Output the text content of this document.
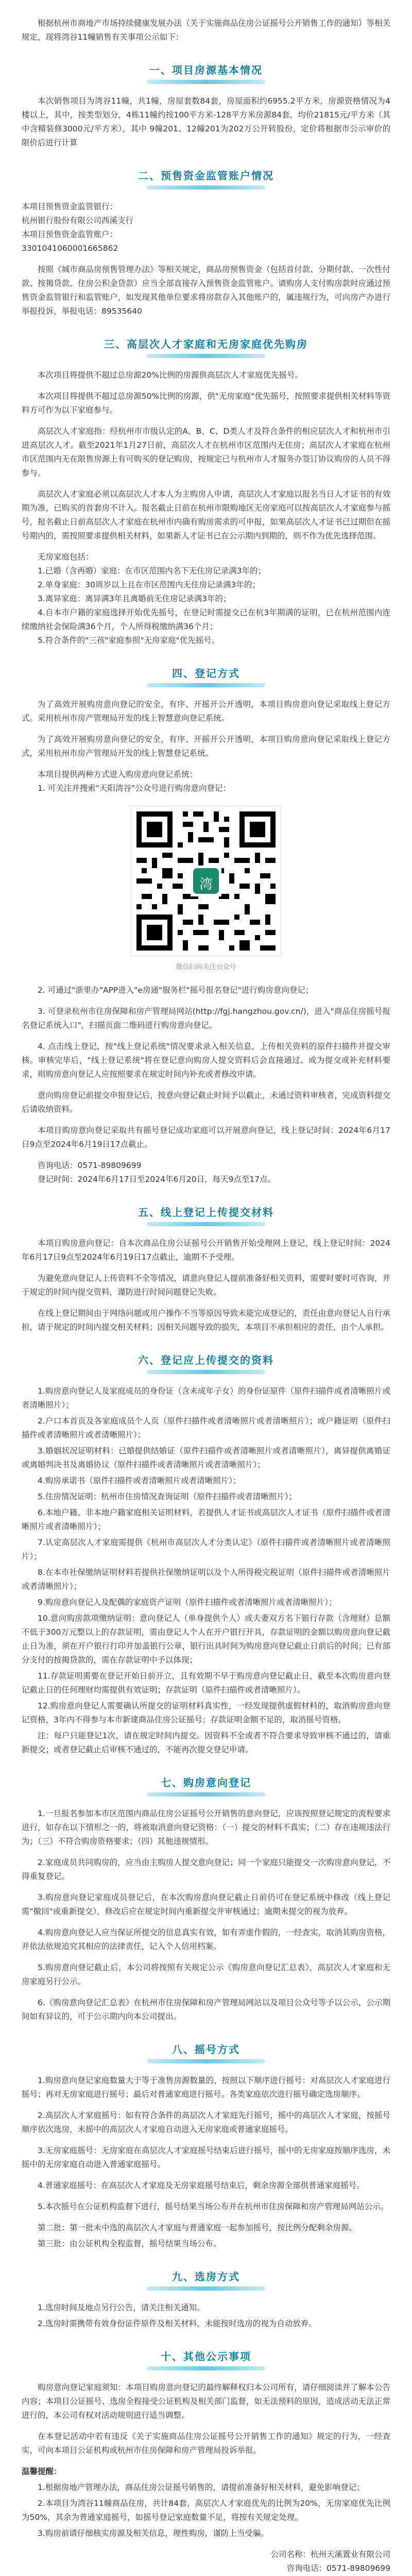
根据杭州市商地产市场持续健康发展办法（关于实施商品住房公证摇号公开销售工作的通知）等相关规定，现将湾谷11幢销售有关事项公示如下：

一、项目房源基本情况

本次销售项目为湾谷11幢，共1幢，房屋套数84套，房屋面积约6955.2平方米，房源资格情况为4楼以上，其中，按类型划分，4栋11幢约按100平方米-128平方米房源84套，均价21815元/平方米（其中含精装修3000元/平方米），其中 9幢201、12幢201为202万公开转股份，定价将根据市公示审价的限价后进行计算

二、预售资金监管账户情况

本项目预售资金监管银行：

杭州银行股份有限公司西溪支行

本项目预售资金监管账户：

3301041060001665862

按照《城市商品房预售管理办法》等相关规定，商品房预售资金（包括首付款、分期付款、一次性付款、按揭贷款、住房公积金贷款）应当全部直接存入预售资金监管账户。请购房人支付购房款时应通过预售资金监管银行和监管账户，如发现其他单位要求将房款存入其他账户的，属违规行为，可向房产办进行举报投诉，举报电话：89535640

三、高层次人才家庭和无房家庭优先购房

本次项目将提供不超过总房源20%比例的房源供高层次人才家庭优先摇号。

本次项目将提供不超过总房源50%比例的房源，供"无房家庭"优先摇号，按照要求提供相关材料等资料方可作为以下家庭参与。

高层次人才家庭指：经杭州市市级认定的A、B、C、D类人才及符合条件的相应层次人才和杭州市引进高层次人才。截至2021年1月27日前，高层次人才在杭州市区范围内无住房；高层次人才家庭在杭州市区范围内无在限售房源上有可购买的登记购房，按规定已与杭州市人才服务办签订协议购房的人员不得参与。

高层次人才家庭必须以高层次人才本人为主购房人申请，高层次人才家庭以报名当日人才证书的有效期为准，已购买的首套房不计入。报名截止日前在杭州市限购地区无房家庭可以按高层次人才家庭参与摇号，报名截止日前高层次人才家庭在杭州市内确有购房需求的可申报，如果高层次人才证书已过期但在摇号期内的，需按照要求提供相关材料，如果新人才证书已在公示期内到期的，则不作为优先选择范围。

无房家庭包括：

1.已婚（含再婚）家庭：在市区范围内名下无住房记录满3年的；

2.单身家庭：30周岁以上且在市区范围内无住房记录满3年的；

3.离异家庭：离异满3年且离婚前无住房记录满3年的；

4.自本市户籍的家庭选择开始优先摇号，在登记时需提交已在杭3年期满的证明，已在杭州范围内连续缴纳社会保险满36个月，个人所得税缴纳满36个月；

5.符合条件的"三孩"家庭参照"无房家庭"优先摇号。

四、登记方式

为了高效开展购房意向登记的安全，有序、开摇开公开透明，本项目购房意向登记采取线上登记方式。采用杭州市房产管理局开发的线上智慧意向登记系统。

为了高效开展购房意向登记的安全，有序、开摇开公开透明，本项目购房意向登记采取线上登记方式，采用杭州市房产管理局开发的线上智慧登记系统。

本项目提供两种方式进入购房意向登记系统：

1. 可关注并搜索"天阳湾谷"公众号进行购房意向登记：

湾
微信扫码关注公众号

2. 可通过"浙里办"APP进入"e房通"服务栏"摇号报名登记"进行购房意向登记；

3. 可登录杭州市住房保障和房产管理局网站(http://fgj.hangzhou.gov.cn/)，进入"商品住房摇号报名登记系统入口"，扫描页面二维码进行购房意向登记。

4. 点击线上登记，按"线上登记系统"情况要求录入相关信息，上传相关资料的原件扫描件并提交审核。审核完毕后，"线上登记系统"将在登记意向购房人提交资料后会直接通过、或为提交或补充材料要求，则购房意向登记人应按照要求在规定时间内补充或者修改申请。

意向购房登记前提交申报登记后，按意向登记截止时间予以截止，未通过资料审核者，完成资料提交后请收纳资料。

本项目购房意向登记采取共有摇号登记成功家庭可以开展意向登记，线上登记时间：2024年6月17日9点至2024年6月19日17点截止。

咨询电话：0571-89809699

登记时间：2024年6月17日至2024年6月20日，每天9点至17点。

五、线上登记上传提交材料

本项目购房意向登记：自本次商品住房公证摇号公开销售开始受理网上登记，线上登记时间：2024年6月17日9点至2024年6月19日17点截止，逾期不予受理。

为避免意向登记人上传资料不全等情况，请意向登记人提前准备好相关资料，需要时要时可咨询，并于规定的时间内提交资料，谨防进行时间问题登记失败。

在线上登记期间由于网络问题或用户操作不当等原因导致未能完成登记的，责任由意向登记人自行承担，请于规定的时间内提交相关材料；因相关问题导致的损失，本项目不承担相应的责任，由个人承担。

六、登记应上传提交的资料

1.购房意向登记人及家庭成员的身份证（含未成年子女）的身份证原件（原件扫描件或者清晰照片或者清晰照片）；

2.户口本首页及各家庭成员个人页（原件扫描件或者清晰照片或者清晰照片）；或户籍证明（原件扫描件或者清晰照片或者清晰照片）；

3.婚姻状况证明材料：已婚提供结婚证（原件扫描件或者清晰照片或者清晰照片），离异提供离婚证或离婚判决书及离婚协议（原件扫描件或者清晰照片或者清晰照片）；

4.购房承诺书（原件扫描件或者清晰照片或者清晰照片）；

5.住房情况证明：杭州市住房情况查询证明（原件扫描件或者清晰照片）；

6.本地户籍、非本地户籍家庭相关证明材料，若提供人才证书或高层次人才证书（原件扫描件或者清晰照片或者清晰照片）；

7.认定高层次人才家庭需提供《杭州市高层次人才分类认定》（原件扫描件或者清晰照片或者清晰照片）；

8.在本市社保缴纳证明材料若提供社保缴纳证明以及个人所得税完税证明（原件扫描件或者清晰照片或者清晰照片）；

9.购房意向登记人及配偶的家庭资产证明（原件扫描件或者清晰照片或者清晰照片）；

10.意向购房款项缴纳证明：意向登记人（单身提供个人）或夫妻双方名下银行存款（含理财）总额不低于300万元整以上的存款证明，需由登记人个人在开户银行开具，存款证明的金额以购房意向登记截止日为准，须在开户银行打印并加盖银行公章，银行出具时间为购房意向登记截止日前后的时间；已有部分支付的按揭贷款的，需在存款证明中予以体现；

11.存款证明需要在登记开始日前开立，且有效期不早于购房意向登记截止日，截至本次购房意向登记截止日的任何理财均需提供有效证明；存款证明（原件扫描件或者清晰照片）。

12.购房意向登记人需要确认所提交的证明材料真实性，一经发现提供虚假材料的，取消购房意向登记资格，3年内不得参与本市新建商品住房公证摇号；存款证明金额不足的，取消摇号资格。

注：每户只能登记1次，请在规定时间内提交。因资料不全或者不符合要求导致审核不通过的，请重新提交；或者登记截止后审核不通过的，不能再次提交登记申请。

七、购房意向登记

1.一旦报名参加本市区范围内商品住房公证摇号公开销售的意向登记，应该按照登记规定的流程要求进行，如存在以下情形之一的，将被取消意向登记资格：（一）提交的材料不真实；（二）存在违规违法行为；（三）不符合购房资格要求；（四）其他违规情形。

2.家庭成员共同购房的，应当由主购房人提交意向登记；同一个家庭只能提交一次购房意向登记，不得重复登记。

3.购房意向登记家庭成员登记后，在本次购房意向登记截止日前仍可在登记系统中修改（线上登记需"撤回"或重新提交），修改后应在规定时间内重新提交并审核通过；逾期未提交的视为放弃。

4.购房意向登记人应当保证所提交的信息真实有效，如有弄虚作假的，一经查实，取消其购房资格，并依法依规追究其相应的法律责任，记入个人信用档案。

5.购房意向登记截止后，本公司将按照有关规定公示《购房意向登记汇总表》，高层次人才家庭和无房家庭另行公示。

6.《购房意向登记汇总表》在杭州市住房保障和房产管理局网站以及项目公众号等予以公示，公示期间如有异议的，可于公示期内向本公司提出。

八、摇号方式

1.购房意向登记家庭数量大于等于准售房源数量的，按照以下顺序进行摇号：对高层次人才家庭进行摇号；再对无房家庭进行摇号；最后对普通家庭进行摇号。各类家庭依次进行摇号确定选房顺序。

2.高层次人才家庭摇号：如有符合条件的高层次人才家庭先行摇号，摇中的高层次人才家庭，按摇号顺序依次选房，未摇中的高层次人才家庭自动进入无房家庭或普通家庭摇号。

3.无房家庭摇号：无房家庭在高层次人才家庭摇号结束后进行摇号，摇中的无房家庭按顺序选房，未摇中的无房家庭自动进入普通家庭摇号。

4.普通家庭摇号：在高层次人才家庭及无房家庭摇号结束后，剩余房源全部供普通家庭摇号。

5.本次摇号在公证机构监督下进行，摇号结果当场公布并在杭州市住房保障和房产管理局网站公示。

第二批：第一批未中选的高层次人才家庭与普通家庭一起参加摇号，按比例分配剩余房源。

第三批：由公证机构全程监督，摇号结果当场公布。

九、选房方式

1.选房时间及地点另行公告，请关注相关通知。

2.选房时需携带有效身份证件原件及相关材料，未能按时选房的视为自动放弃。

十、其他公示事项

购房意向登记家庭须知：本项目购房意向登记的最终解释权归本公司所有，请仔细阅读并了解本公告内容；本项目公证摇号、选房全程接受公证机构及相关部门监督，如无法预料的原因，造成活动无法正常进行的，本公司有权对活动规则进行适当调整。

在本登记活动中若有违反《关于实施商品住房公证摇号公开销售工作的通知》规定的行为，一经查实，可向本项目公证机构或杭州市住房保障和房产管理局投诉举报。

温馨提醒：

1.根据房地产管理办法，商品住房公证摇号销售的，请提前准备好相关材料，避免影响登记；

2.本项目为湾谷11幢商品住房，共计84套，高层次人才家庭优先的比例为20%，无房家庭优先比例为50%，其余为普通家庭摇号，如摇号登记家庭数量不足，将按有关规定处理。

3.购房前请仔细核实房源及相关信息，理性购房，谨防上当受骗。

公司名称：杭州天溪置业有限公司

咨询电话：0571-89809699
